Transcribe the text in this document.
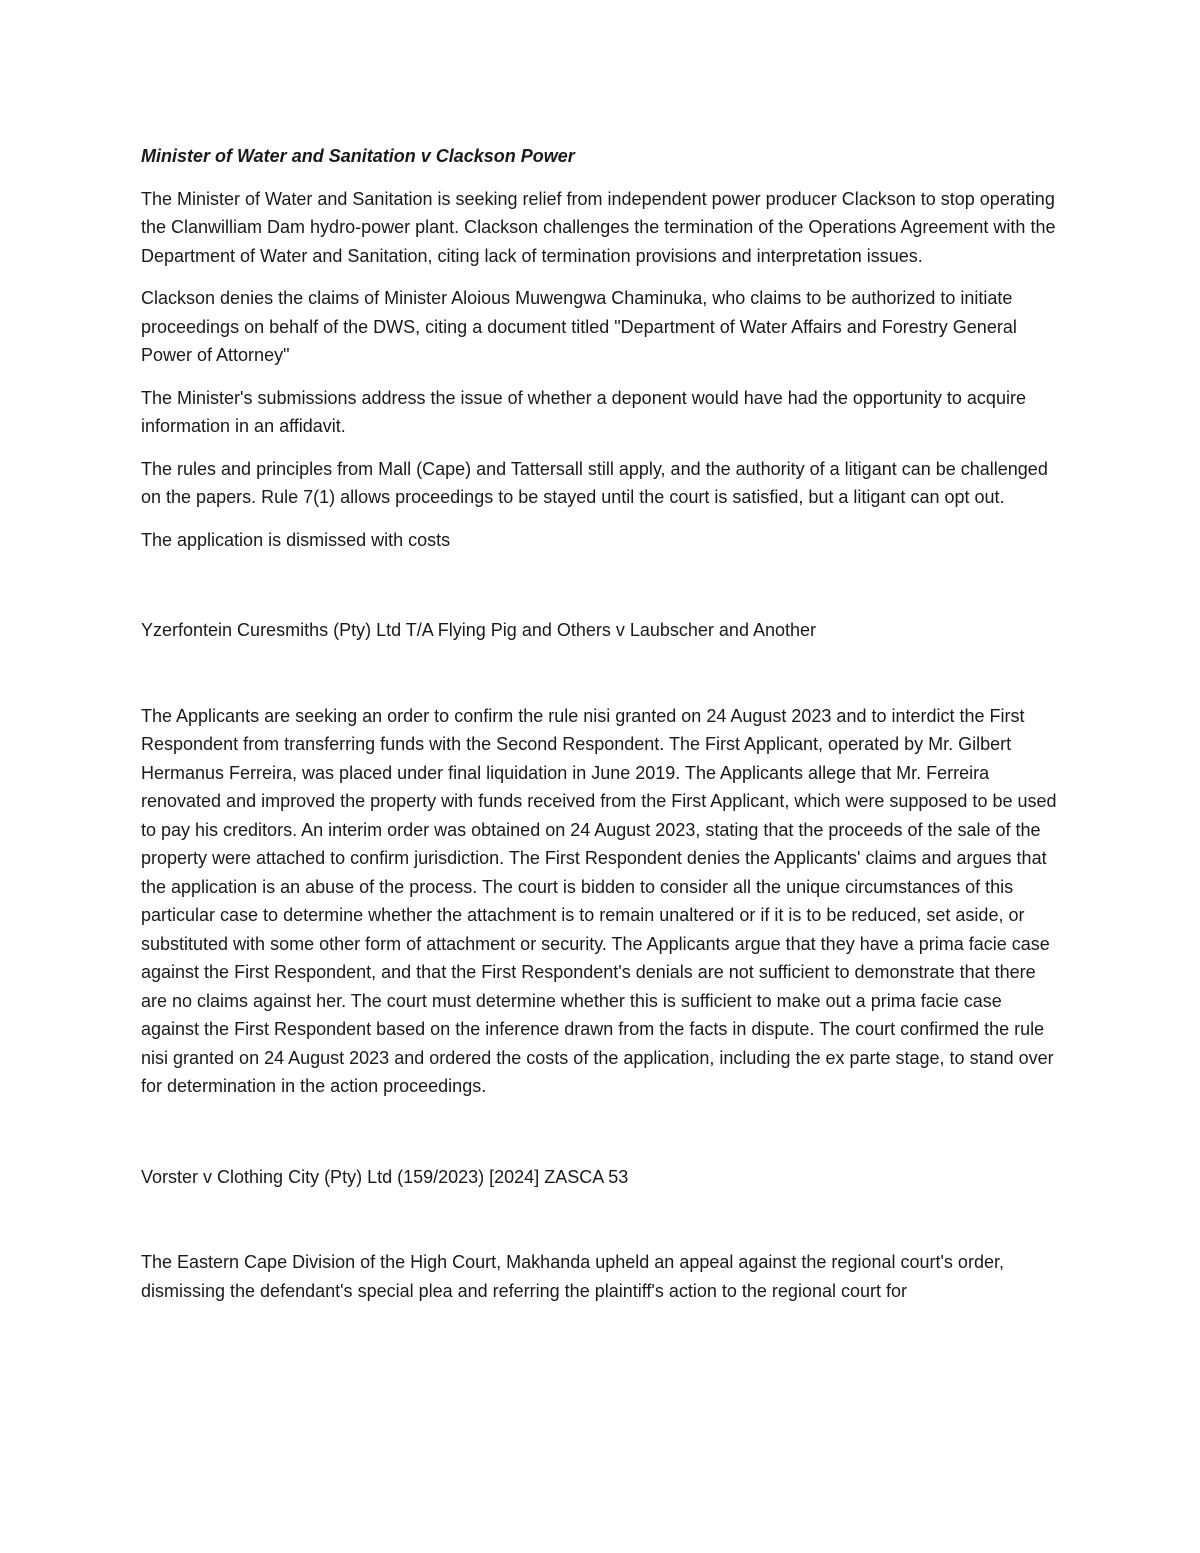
Minister of Water and Sanitation v Clackson Power

The Minister of Water and Sanitation is seeking relief from independent power producer Clackson to stop operating the Clanwilliam Dam hydro-power plant. Clackson challenges the termination of the Operations Agreement with the Department of Water and Sanitation, citing lack of termination provisions and interpretation issues.

Clackson denies the claims of Minister Aloious Muwengwa Chaminuka, who claims to be authorized to initiate proceedings on behalf of the DWS, citing a document titled "Department of Water Affairs and Forestry General Power of Attorney"

The Minister's submissions address the issue of whether a deponent would have had the opportunity to acquire information in an affidavit.

The rules and principles from Mall (Cape) and Tattersall still apply, and the authority of a litigant can be challenged on the papers. Rule 7(1) allows proceedings to be stayed until the court is satisfied, but a litigant can opt out.

The application is dismissed with costs

Yzerfontein Curesmiths (Pty) Ltd T/A Flying Pig and Others v Laubscher and Another

The Applicants are seeking an order to confirm the rule nisi granted on 24 August 2023 and to interdict the First Respondent from transferring funds with the Second Respondent. The First Applicant, operated by Mr. Gilbert Hermanus Ferreira, was placed under final liquidation in June 2019. The Applicants allege that Mr. Ferreira renovated and improved the property with funds received from the First Applicant, which were supposed to be used to pay his creditors. An interim order was obtained on 24 August 2023, stating that the proceeds of the sale of the property were attached to confirm jurisdiction. The First Respondent denies the Applicants' claims and argues that the application is an abuse of the process. The court is bidden to consider all the unique circumstances of this particular case to determine whether the attachment is to remain unaltered or if it is to be reduced, set aside, or substituted with some other form of attachment or security. The Applicants argue that they have a prima facie case against the First Respondent, and that the First Respondent's denials are not sufficient to demonstrate that there are no claims against her. The court must determine whether this is sufficient to make out a prima facie case against the First Respondent based on the inference drawn from the facts in dispute. The court confirmed the rule nisi granted on 24 August 2023 and ordered the costs of the application, including the ex parte stage, to stand over for determination in the action proceedings.

Vorster v Clothing City (Pty) Ltd (159/2023) [2024] ZASCA 53

The Eastern Cape Division of the High Court, Makhanda upheld an appeal against the regional court's order, dismissing the defendant's special plea and referring the plaintiff's action to the regional court for
